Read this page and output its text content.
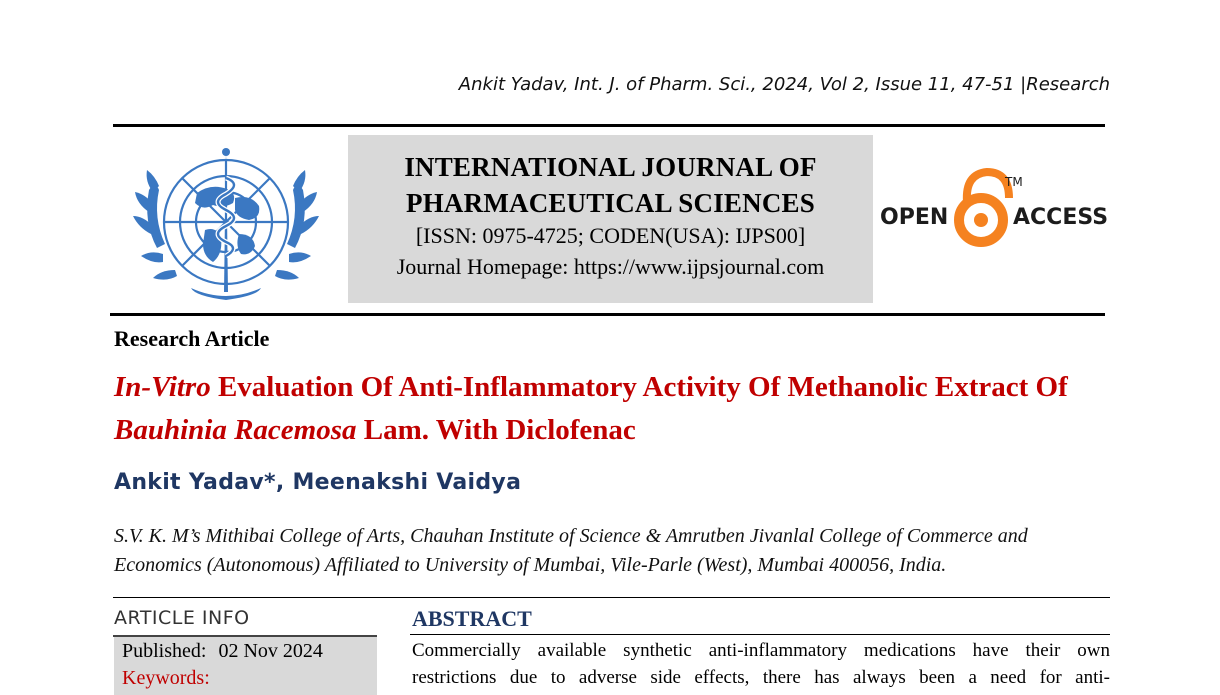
Ankit Yadav, Int. J. of Pharm. Sci., 2024, Vol 2, Issue 11, 47-51 |Research
INTERNATIONAL JOURNAL OF
PHARMACEUTICAL SCIENCES
[ISSN: 0975-4725; CODEN(USA): IJPS00]
Journal Homepage: https://www.ijpsjournal.com
OPEN
TM
ACCESS
Research Article
In-Vitro Evaluation Of Anti-Inflammatory Activity Of Methanolic Extract Of Bauhinia Racemosa Lam. With Diclofenac
Ankit Yadav*, Meenakshi Vaidya
S.V. K. M’s Mithibai College of Arts, Chauhan Institute of Science & Amrutben Jivanlal College of Commerce and Economics (Autonomous) Affiliated to University of Mumbai, Vile-Parle (West), Mumbai 400056, India.
ARTICLE INFO
Published: 02 Nov 2024
Keywords:
ABSTRACT
Commercially available synthetic anti-inflammatory medications have their own restrictions due to adverse side effects, there has always been a need for anti-
